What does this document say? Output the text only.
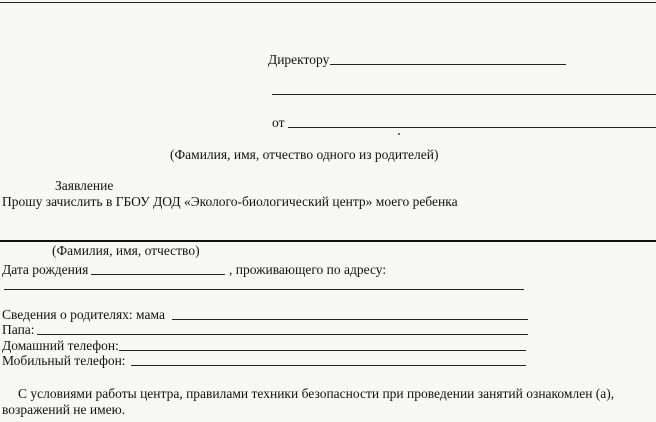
Директору
от
(Фамилия, имя, отчество одного из родителей)
Заявление
Прошу зачислить в ГБОУ ДОД «Эколого-биологический центр» моего ребенка
(Фамилия, имя, отчество)
Дата рождения	, проживающего по адресу:
Сведения о родителях: мама
Папа:
Домашний телефон:
Мобильный телефон:
С условиями работы центра, правилами техники безопасности при проведении занятий ознакомлен (а),
возражений не имею.
